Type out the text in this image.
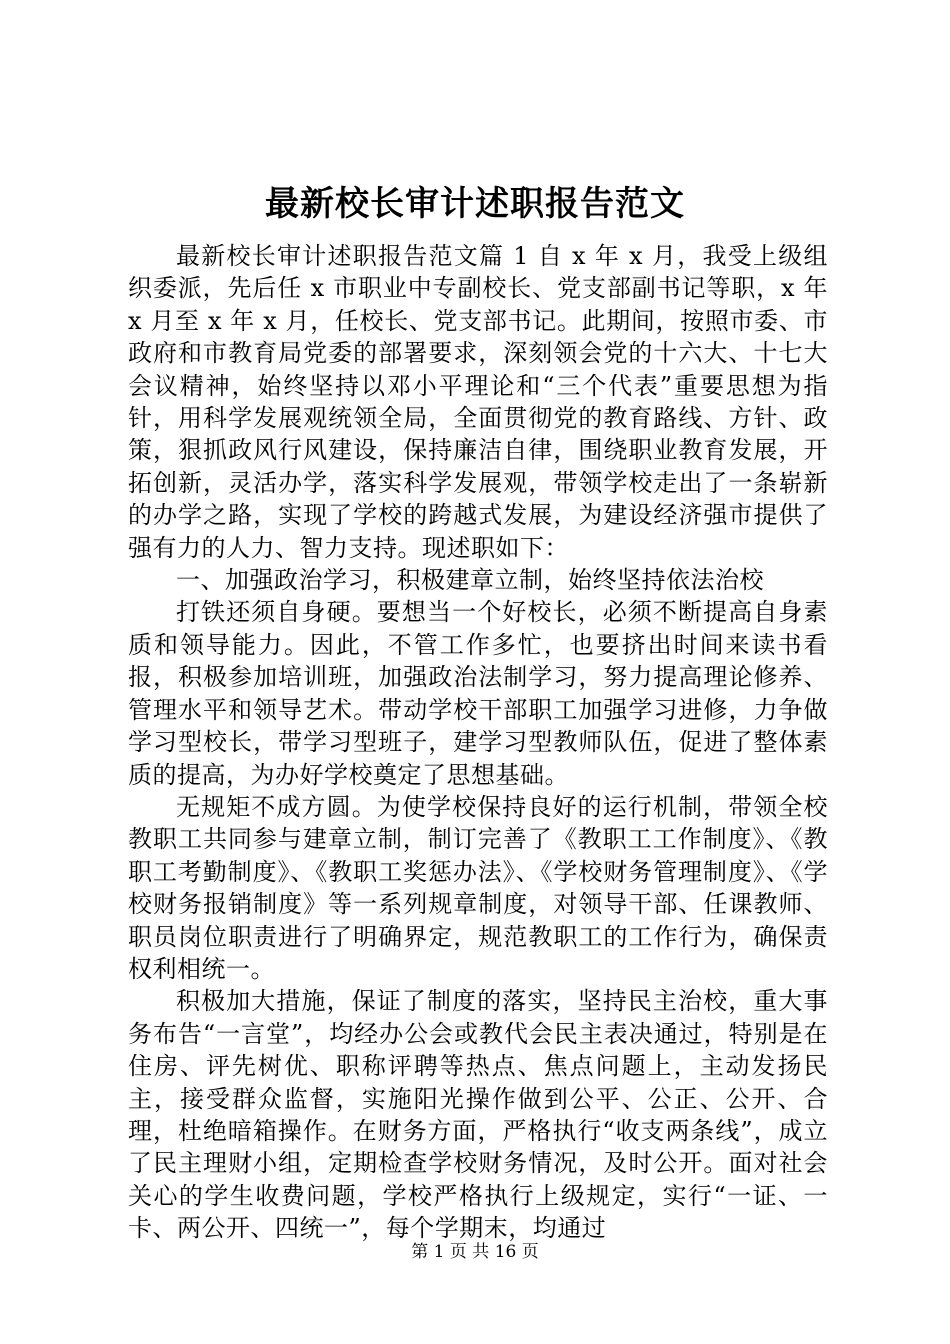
最新校长审计述职报告范文

最新校长审计述职报告范文篇 1 自 x 年 x 月，我受上级组织委派，先后任 x 市职业中专副校长、党支部副书记等职，x 年 x 月至 x 年 x 月，任校长、党支部书记。此期间，按照市委、市政府和市教育局党委的部署要求，深刻领会党的十六大、十七大会议精神，始终坚持以邓小平理论和“三个代表”重要思想为指针，用科学发展观统领全局，全面贯彻党的教育路线、方针、政策，狠抓政风行风建设，保持廉洁自律，围绕职业教育发展，开拓创新，灵活办学，落实科学发展观，带领学校走出了一条崭新的办学之路，实现了学校的跨越式发展，为建设经济强市提供了强有力的人力、智力支持。现述职如下：

一、加强政治学习，积极建章立制，始终坚持依法治校

打铁还须自身硬。要想当一个好校长，必须不断提高自身素质和领导能力。因此，不管工作多忙，也要挤出时间来读书看报，积极参加培训班，加强政治法制学习，努力提高理论修养、管理水平和领导艺术。带动学校干部职工加强学习进修，力争做学习型校长，带学习型班子，建学习型教师队伍，促进了整体素质的提高，为办好学校奠定了思想基础。

无规矩不成方圆。为使学校保持良好的运行机制，带领全校教职工共同参与建章立制，制订完善了《教职工工作制度》、《教职工考勤制度》、《教职工奖惩办法》、《学校财务管理制度》、《学校财务报销制度》等一系列规章制度，对领导干部、任课教师、职员岗位职责进行了明确界定，规范教职工的工作行为，确保责权利相统一。

积极加大措施，保证了制度的落实，坚持民主治校，重大事务布告“一言堂”，均经办公会或教代会民主表决通过，特别是在住房、评先树优、职称评聘等热点、焦点问题上，主动发扬民主，接受群众监督，实施阳光操作做到公平、公正、公开、合理，杜绝暗箱操作。在财务方面，严格执行“收支两条线”，成立了民主理财小组，定期检查学校财务情况，及时公开。面对社会关心的学生收费问题，学校严格执行上级规定，实行“一证、一卡、两公开、四统一”，每个学期末，均通过

第 1 页 共 16 页
